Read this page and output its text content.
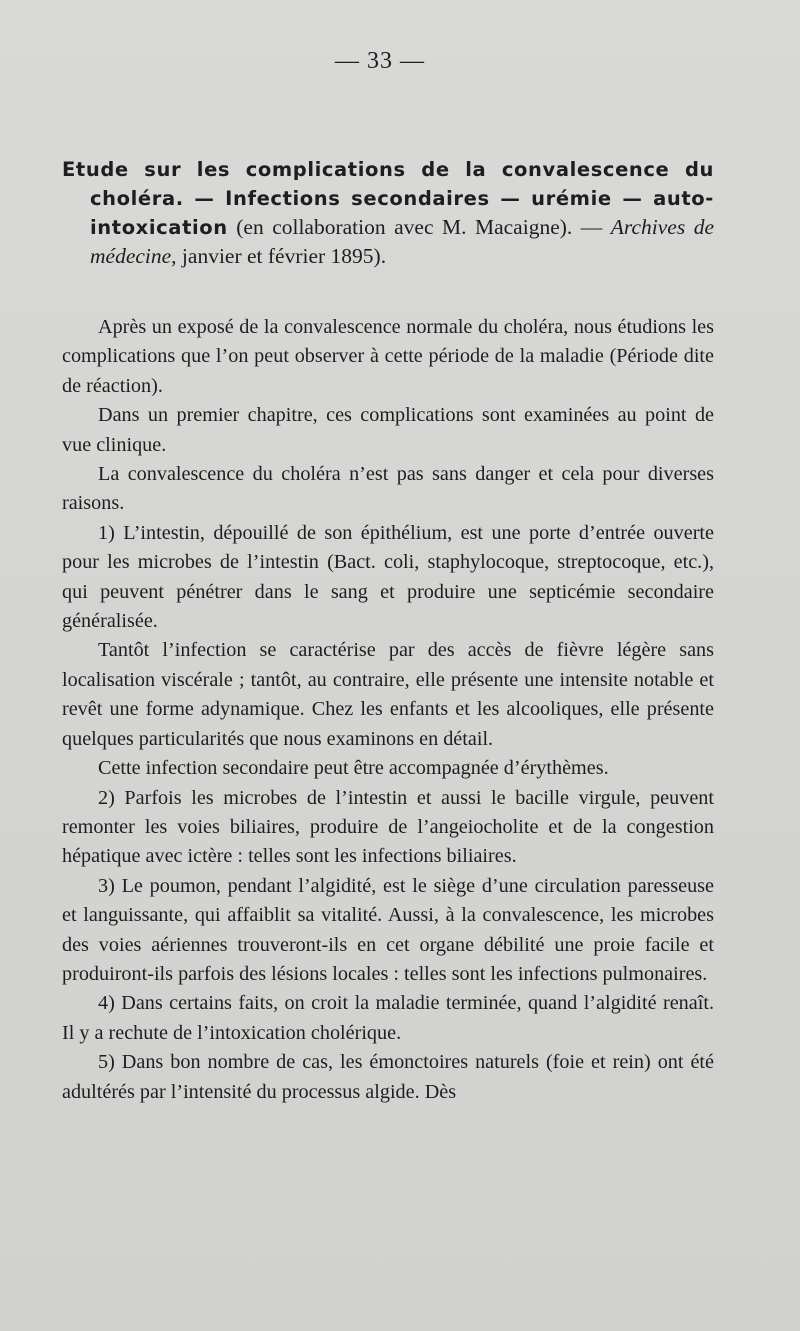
— 33 —
Etude sur les complications de la convalescence du choléra. — Infections secondaires — urémie — auto-intoxication (en collaboration avec M. Macaigne). — Archives de médecine, janvier et février 1895).

Après un exposé de la convalescence normale du choléra, nous étudions les complications que l’on peut observer à cette période de la maladie (Période dite de réaction).

Dans un premier chapitre, ces complications sont examinées au point de vue clinique.

La convalescence du choléra n’est pas sans danger et cela pour diverses raisons.

1) L’intestin, dépouillé de son épithélium, est une porte d’entrée ouverte pour les microbes de l’intestin (Bact. coli, staphylocoque, streptocoque, etc.), qui peuvent pénétrer dans le sang et produire une septicémie secondaire généralisée.

Tantôt l’infection se caractérise par des accès de fièvre légère sans localisation viscérale ; tantôt, au contraire, elle présente une intensite notable et revêt une forme adynamique. Chez les enfants et les alcooliques, elle présente quelques particularités que nous examinons en détail.

Cette infection secondaire peut être accompagnée d’érythèmes.

2) Parfois les microbes de l’intestin et aussi le bacille virgule, peuvent remonter les voies biliaires, produire de l’angeiocholite et de la congestion hépatique avec ictère : telles sont les infections biliaires.

3) Le poumon, pendant l’algidité, est le siège d’une circulation paresseuse et languissante, qui affaiblit sa vitalité. Aussi, à la convalescence, les microbes des voies aériennes trouveront-ils en cet organe débilité une proie facile et produiront-ils parfois des lésions locales : telles sont les infections pulmonaires.

4) Dans certains faits, on croit la maladie terminée, quand l’algidité renaît. Il y a rechute de l’intoxication cholérique.

5) Dans bon nombre de cas, les émonctoires naturels (foie et rein) ont été adultérés par l’intensité du processus algide. Dès
